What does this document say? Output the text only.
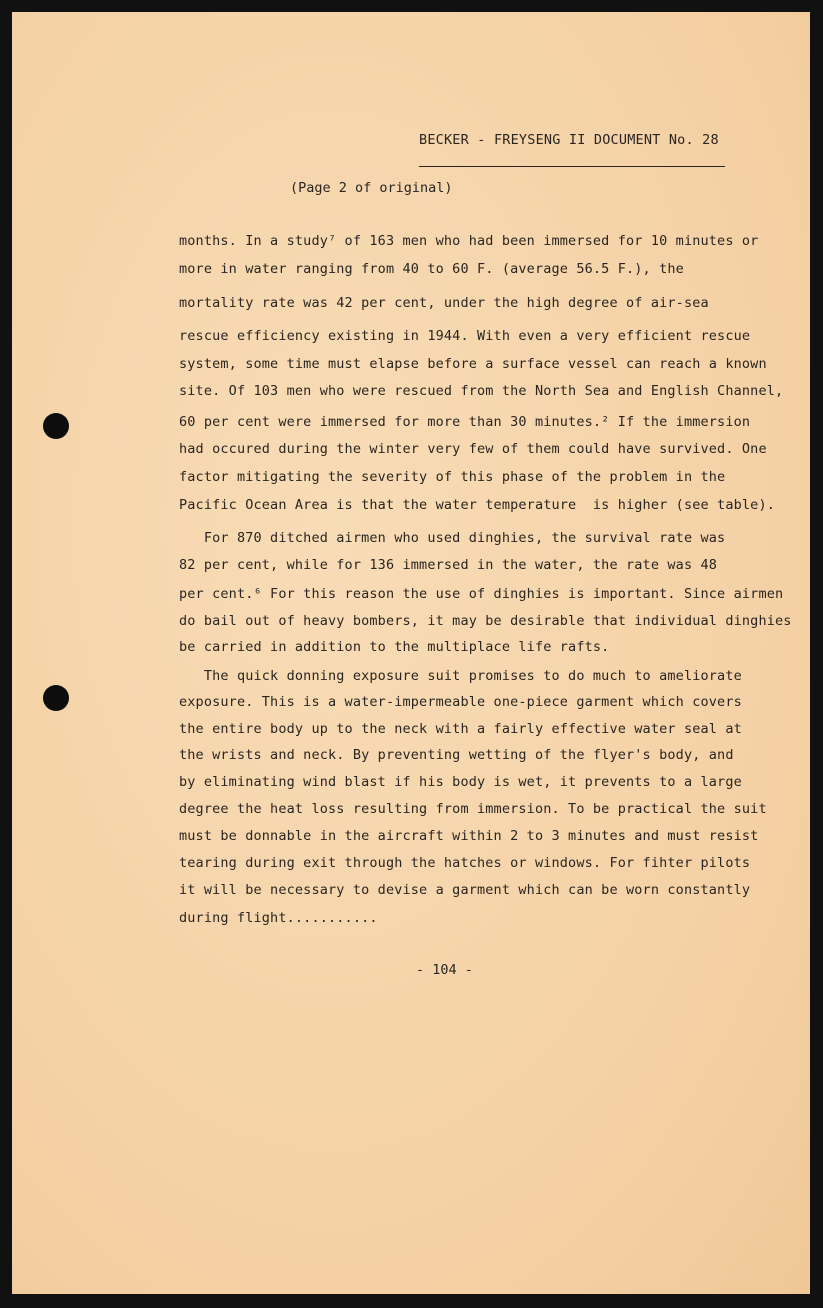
BECKER - FREYSENG II DOCUMENT No. 28
(Page 2 of original)
months. In a study⁷ of 163 men who had been immersed for 10 minutes or
more in water ranging from 40 to 60 F. (average 56.5 F.), the
mortality rate was 42 per cent, under the high degree of air-sea
rescue efficiency existing in 1944. With even a very efficient rescue
system, some time must elapse before a surface vessel can reach a known
site. Of 103 men who were rescued from the North Sea and English Channel,
60 per cent were immersed for more than 30 minutes.² If the immersion
had occured during the winter very few of them could have survived. One
factor mitigating the severity of this phase of the problem in the
Pacific Ocean Area is that the water temperature  is higher (see table).
For 870 ditched airmen who used dinghies, the survival rate was
82 per cent, while for 136 immersed in the water, the rate was 48
per cent.⁶ For this reason the use of dinghies is important. Since airmen
do bail out of heavy bombers, it may be desirable that individual dinghies
be carried in addition to the multiplace life rafts.
The quick donning exposure suit promises to do much to ameliorate
exposure. This is a water-impermeable one-piece garment which covers
the entire body up to the neck with a fairly effective water seal at
the wrists and neck. By preventing wetting of the flyer's body, and
by eliminating wind blast if his body is wet, it prevents to a large
degree the heat loss resulting from immersion. To be practical the suit
must be donnable in the aircraft within 2 to 3 minutes and must resist
tearing during exit through the hatches or windows. For fihter pilots
it will be necessary to devise a garment which can be worn constantly
during flight...........
- 104 -
